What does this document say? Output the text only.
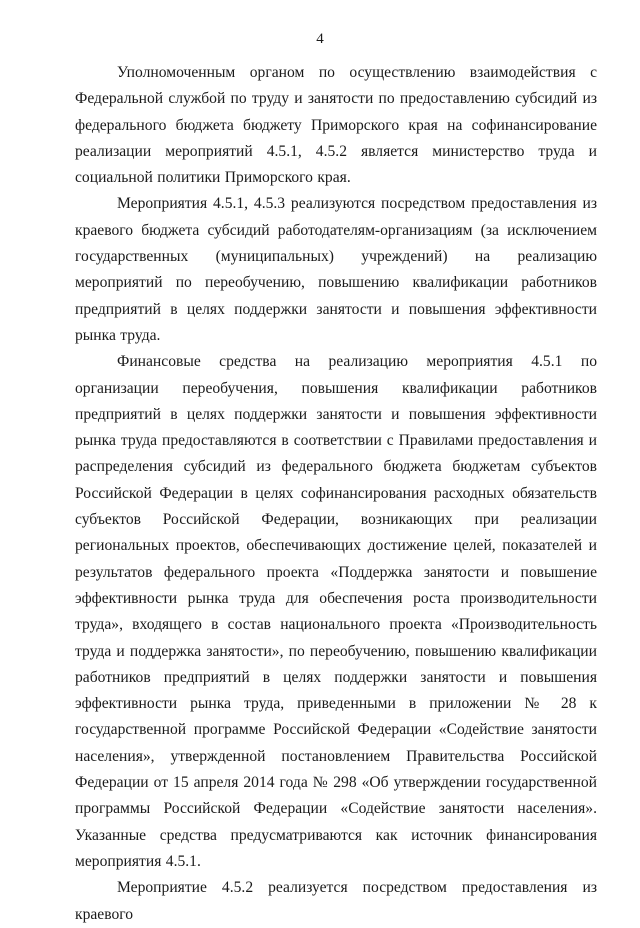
4

Уполномоченным органом по осуществлению взаимодействия с Федеральной службой по труду и занятости по предоставлению субсидий из федерального бюджета бюджету Приморского края на софинансирование реализации мероприятий 4.5.1, 4.5.2 является министерство труда и социальной политики Приморского края.

Мероприятия 4.5.1, 4.5.3 реализуются посредством предоставления из краевого бюджета субсидий работодателям-организациям (за исключением государственных (муниципальных) учреждений) на реализацию мероприятий по переобучению, повышению квалификации работников предприятий в целях поддержки занятости и повышения эффективности рынка труда.

Финансовые средства на реализацию мероприятия 4.5.1 по организации переобучения, повышения квалификации работников предприятий в целях поддержки занятости и повышения эффективности рынка труда предоставляются в соответствии с Правилами предоставления и распределения субсидий из федерального бюджета бюджетам субъектов Российской Федерации в целях софинансирования расходных обязательств субъектов Российской Федерации, возникающих при реализации региональных проектов, обеспечивающих достижение целей, показателей и результатов федерального проекта «Поддержка занятости и повышение эффективности рынка труда для обеспечения роста производительности труда», входящего в состав национального проекта «Производительность труда и поддержка занятости», по переобучению, повышению квалификации работников предприятий в целях поддержки занятости и повышения эффективности рынка труда, приведенными в приложении № 28 к государственной программе Российской Федерации «Содействие занятости населения», утвержденной постановлением Правительства Российской Федерации от 15 апреля 2014 года № 298 «Об утверждении государственной программы Российской Федерации «Содействие занятости населения». Указанные средства предусматриваются как источник финансирования мероприятия 4.5.1.

Мероприятие 4.5.2 реализуется посредством предоставления из краевого
